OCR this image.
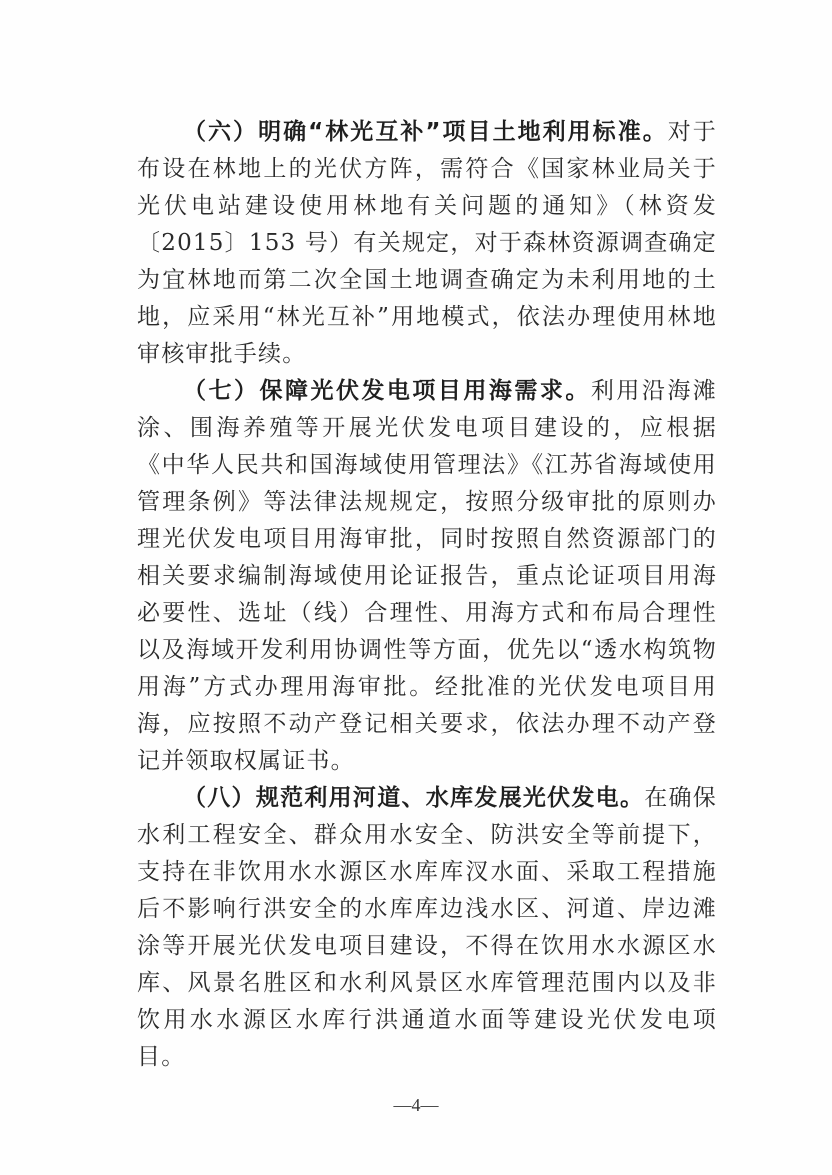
（六）明确“林光互补”项目土地利用标准。对于布设在林地上的光伏方阵，需符合《国家林业局关于光伏电站建设使用林地有关问题的通知》（林资发〔2015〕153 号）有关规定，对于森林资源调查确定为宜林地而第二次全国土地调查确定为未利用地的土地，应采用“林光互补”用地模式，依法办理使用林地审核审批手续。

（七）保障光伏发电项目用海需求。利用沿海滩涂、围海养殖等开展光伏发电项目建设的，应根据《中华人民共和国海域使用管理法》《江苏省海域使用管理条例》等法律法规规定，按照分级审批的原则办理光伏发电项目用海审批，同时按照自然资源部门的相关要求编制海域使用论证报告，重点论证项目用海必要性、选址（线）合理性、用海方式和布局合理性以及海域开发利用协调性等方面，优先以“透水构筑物用海”方式办理用海审批。经批准的光伏发电项目用海，应按照不动产登记相关要求，依法办理不动产登记并领取权属证书。

（八）规范利用河道、水库发展光伏发电。在确保水利工程安全、群众用水安全、防洪安全等前提下，支持在非饮用水水源区水库库汊水面、采取工程措施后不影响行洪安全的水库库边浅水区、河道、岸边滩涂等开展光伏发电项目建设，不得在饮用水水源区水库、风景名胜区和水利风景区水库管理范围内以及非饮用水水源区水库行洪通道水面等建设光伏发电项目。

—4—
